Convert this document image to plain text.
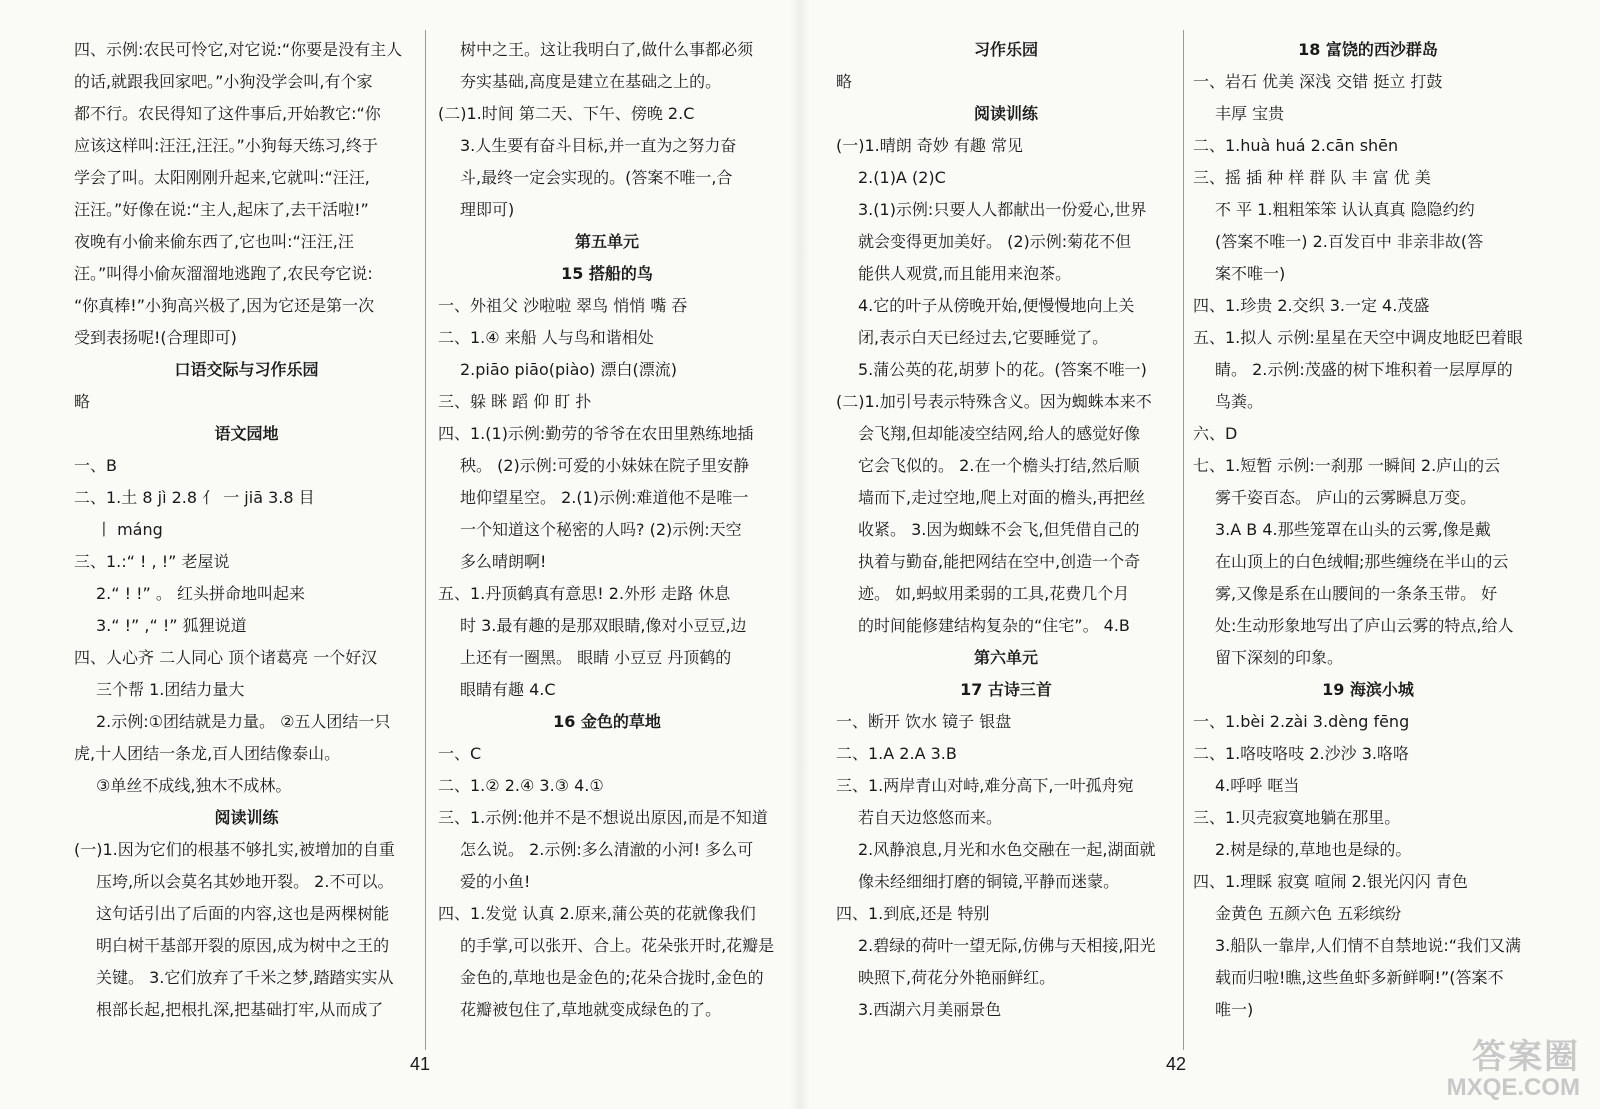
四、示例:农民可怜它,对它说:“你要是没有主人
的话,就跟我回家吧。”小狗没学会叫,有个家
都不行。农民得知了这件事后,开始教它:“你
应该这样叫:汪汪,汪汪。”小狗每天练习,终于
学会了叫。太阳刚刚升起来,它就叫:“汪汪,
汪汪。”好像在说:“主人,起床了,去干活啦!”
夜晚有小偷来偷东西了,它也叫:“汪汪,汪
汪。”叫得小偷灰溜溜地逃跑了,农民夸它说:
“你真棒!”小狗高兴极了,因为它还是第一次
受到表扬呢!(合理即可)
口语交际与习作乐园
略
语文园地
一、B
二、1.土 8 jì 2.8 亻 一 jiā 3.8 目
丨 máng
三、1.:“ ! , !” 老屋说
2.“ ! !” 。 红头拼命地叫起来
3.“ !” ,“ !” 狐狸说道
四、人心齐 二人同心 顶个诸葛亮 一个好汉
三个帮 1.团结力量大
2.示例:①团结就是力量。 ②五人团结一只
虎,十人团结一条龙,百人团结像泰山。
③单丝不成线,独木不成林。
阅读训练
(一)1.因为它们的根基不够扎实,被增加的自重
压垮,所以会莫名其妙地开裂。 2.不可以。
这句话引出了后面的内容,这也是两棵树能
明白树干基部开裂的原因,成为树中之王的
关键。 3.它们放弃了千米之梦,踏踏实实从
根部长起,把根扎深,把基础打牢,从而成了
树中之王。这让我明白了,做什么事都必须
夯实基础,高度是建立在基础之上的。
(二)1.时间 第二天、下午、傍晚 2.C
3.人生要有奋斗目标,并一直为之努力奋
斗,最终一定会实现的。(答案不唯一,合
理即可)
第五单元
15 搭船的鸟
一、外祖父 沙啦啦 翠鸟 悄悄 嘴 吞
二、1.④ 来船 人与鸟和谐相处
2.piāo piāo(piào) 漂白(漂流)
三、躲 眯 蹈 仰 盯 扑
四、1.(1)示例:勤劳的爷爷在农田里熟练地插
秧。 (2)示例:可爱的小妹妹在院子里安静
地仰望星空。 2.(1)示例:难道他不是唯一
一个知道这个秘密的人吗? (2)示例:天空
多么晴朗啊!
五、1.丹顶鹤真有意思! 2.外形 走路 休息
时 3.最有趣的是那双眼睛,像对小豆豆,边
上还有一圈黑。 眼睛 小豆豆 丹顶鹤的
眼睛有趣 4.C
16 金色的草地
一、C
二、1.② 2.④ 3.③ 4.①
三、1.示例:他并不是不想说出原因,而是不知道
怎么说。 2.示例:多么清澈的小河! 多么可
爱的小鱼!
四、1.发觉 认真 2.原来,蒲公英的花就像我们
的手掌,可以张开、合上。花朵张开时,花瓣是
金色的,草地也是金色的;花朵合拢时,金色的
花瓣被包住了,草地就变成绿色的了。
习作乐园
略
阅读训练
(一)1.晴朗 奇妙 有趣 常见
2.(1)A (2)C
3.(1)示例:只要人人都献出一份爱心,世界
就会变得更加美好。 (2)示例:菊花不但
能供人观赏,而且能用来泡茶。
4.它的叶子从傍晚开始,便慢慢地向上关
闭,表示白天已经过去,它要睡觉了。
5.蒲公英的花,胡萝卜的花。(答案不唯一)
(二)1.加引号表示特殊含义。因为蜘蛛本来不
会飞翔,但却能凌空结网,给人的感觉好像
它会飞似的。 2.在一个檐头打结,然后顺
墙而下,走过空地,爬上对面的檐头,再把丝
收紧。 3.因为蜘蛛不会飞,但凭借自己的
执着与勤奋,能把网结在空中,创造一个奇
迹。 如,蚂蚁用柔弱的工具,花费几个月
的时间能修建结构复杂的“住宅”。 4.B
第六单元
17 古诗三首
一、断开 饮水 镜子 银盘
二、1.A 2.A 3.B
三、1.两岸青山对峙,难分高下,一叶孤舟宛
若自天边悠悠而来。
2.风静浪息,月光和水色交融在一起,湖面就
像未经细细打磨的铜镜,平静而迷蒙。
四、1.到底,还是 特别
2.碧绿的荷叶一望无际,仿佛与天相接,阳光
映照下,荷花分外艳丽鲜红。
3.西湖六月美丽景色
18 富饶的西沙群岛
一、岩石 优美 深浅 交错 挺立 打鼓
丰厚 宝贵
二、1.huà huá 2.cān shēn
三、摇 插 种 样 群 队 丰 富 优 美
不 平 1.粗粗笨笨 认认真真 隐隐约约
(答案不唯一) 2.百发百中 非亲非故(答
案不唯一)
四、1.珍贵 2.交织 3.一定 4.茂盛
五、1.拟人 示例:星星在天空中调皮地眨巴着眼
睛。 2.示例:茂盛的树下堆积着一层厚厚的
鸟粪。
六、D
七、1.短暂 示例:一刹那 一瞬间 2.庐山的云
雾千姿百态。 庐山的云雾瞬息万变。
3.A B 4.那些笼罩在山头的云雾,像是戴
在山顶上的白色绒帽;那些缠绕在半山的云
雾,又像是系在山腰间的一条条玉带。 好
处:生动形象地写出了庐山云雾的特点,给人
留下深刻的印象。
19 海滨小城
一、1.bèi 2.zài 3.dèng fēng
二、1.咯吱咯吱 2.沙沙 3.咯咯
4.呼呼 哐当
三、1.贝壳寂寞地躺在那里。
2.树是绿的,草地也是绿的。
四、1.理睬 寂寞 喧闹 2.银光闪闪 青色
金黄色 五颜六色 五彩缤纷
3.船队一靠岸,人们情不自禁地说:“我们又满
载而归啦!瞧,这些鱼虾多新鲜啊!”(答案不
唯一)
41	42	答案圈
MXQE.COM
